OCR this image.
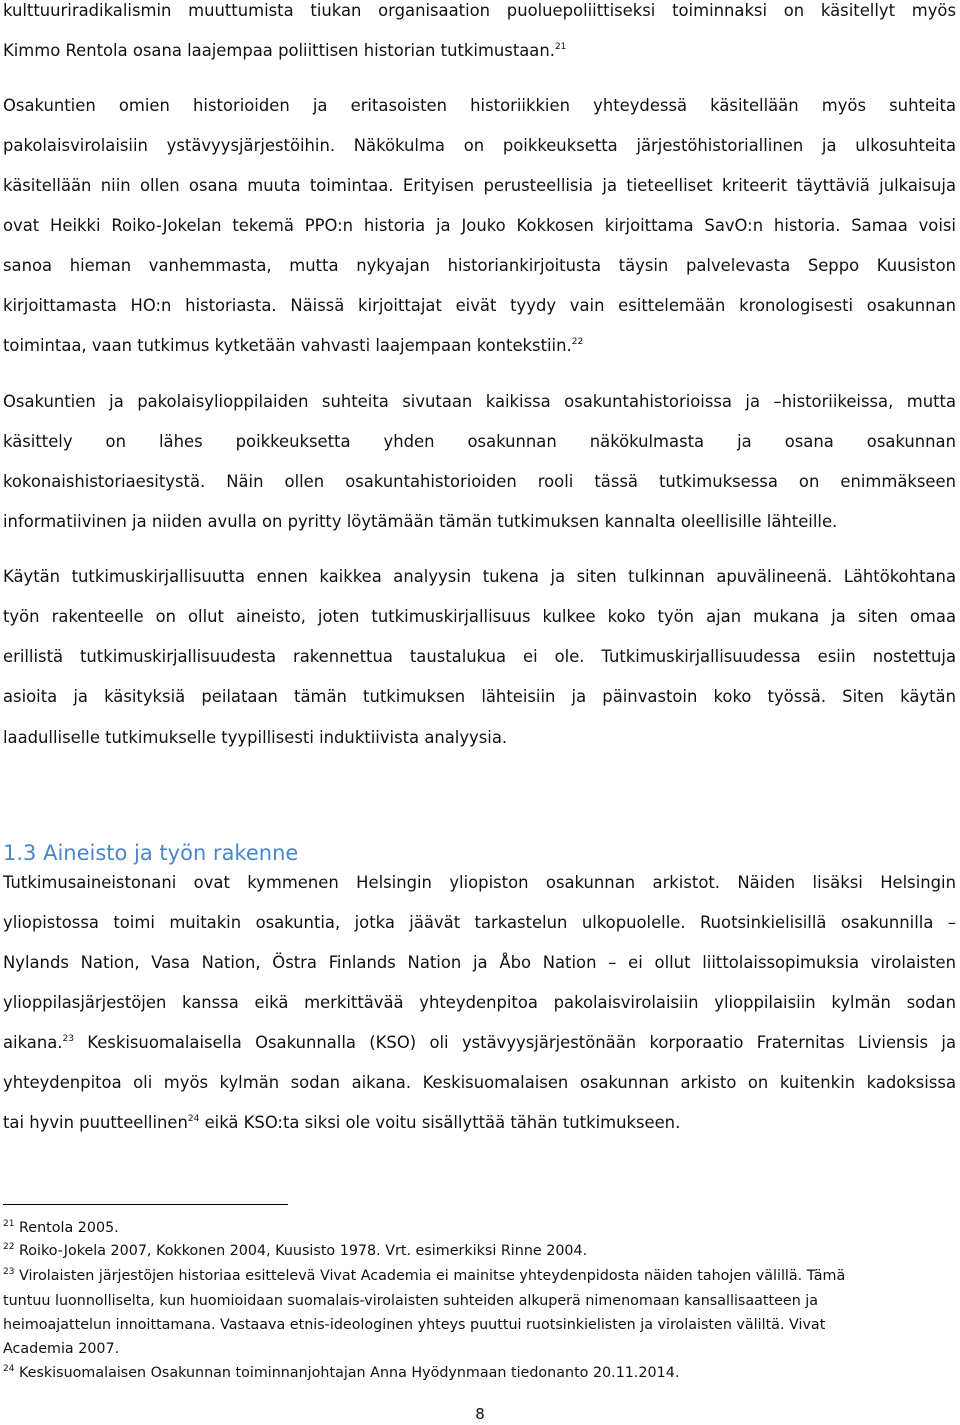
kulttuuriradikalismin muuttumista tiukan organisaation puoluepoliittiseksi toiminnaksi on käsitellyt myös
Kimmo Rentola osana laajempaa poliittisen historian tutkimustaan.$^{21}$
Osakuntien omien historioiden ja eritasoisten historiikkien yhteydessä käsitellään myös suhteita
pakolaisvirolaisiin ystävyysjärjestöihin. Näkökulma on poikkeuksetta järjestöhistoriallinen ja ulkosuhteita
käsitellään niin ollen osana muuta toimintaa. Erityisen perusteellisia ja tieteelliset kriteerit täyttäviä julkaisuja
ovat Heikki Roiko-Jokelan tekemä PPO:n historia ja Jouko Kokkosen kirjoittama SavO:n historia. Samaa voisi
sanoa hieman vanhemmasta, mutta nykyajan historiankirjoitusta täysin palvelevasta Seppo Kuusiston
kirjoittamasta HO:n historiasta. Näissä kirjoittajat eivät tyydy vain esittelemään kronologisesti osakunnan
toimintaa, vaan tutkimus kytketään vahvasti laajempaan kontekstiin.$^{22}$
Osakuntien ja pakolaisylioppilaiden suhteita sivutaan kaikissa osakuntahistorioissa ja –historiikeissa, mutta
käsittely on lähes poikkeuksetta yhden osakunnan näkökulmasta ja osana osakunnan
kokonaishistoriaesitystä. Näin ollen osakuntahistorioiden rooli tässä tutkimuksessa on enimmäkseen
informatiivinen ja niiden avulla on pyritty löytämään tämän tutkimuksen kannalta oleellisille lähteille.
Käytän tutkimuskirjallisuutta ennen kaikkea analyysin tukena ja siten tulkinnan apuvälineenä. Lähtökohtana
työn rakenteelle on ollut aineisto, joten tutkimuskirjallisuus kulkee koko työn ajan mukana ja siten omaa
erillistä tutkimuskirjallisuudesta rakennettua taustalukua ei ole. Tutkimuskirjallisuudessa esiin nostettuja
asioita ja käsityksiä peilataan tämän tutkimuksen lähteisiin ja päinvastoin koko työssä. Siten käytän
laadulliselle tutkimukselle tyypillisesti induktiivista analyysia.
1.3 Aineisto ja työn rakenne
Tutkimusaineistonani ovat kymmenen Helsingin yliopiston osakunnan arkistot. Näiden lisäksi Helsingin
yliopistossa toimi muitakin osakuntia, jotka jäävät tarkastelun ulkopuolelle. Ruotsinkielisillä osakunnilla –
Nylands Nation, Vasa Nation, Östra Finlands Nation ja Åbo Nation – ei ollut liittolaissopimuksia virolaisten
ylioppilasjärjestöjen kanssa eikä merkittävää yhteydenpitoa pakolaisvirolaisiin ylioppilaisiin kylmän sodan
aikana.$^{23}$ Keskisuomalaisella Osakunnalla (KSO) oli ystävyysjärjestönään korporaatio Fraternitas Liviensis ja
yhteydenpitoa oli myös kylmän sodan aikana. Keskisuomalaisen osakunnan arkisto on kuitenkin kadoksissa
tai hyvin puutteellinen$^{24}$ eikä KSO:ta siksi ole voitu sisällyttää tähän tutkimukseen.
$^{21}$ Rentola 2005.
$^{22}$ Roiko-Jokela 2007, Kokkonen 2004, Kuusisto 1978. Vrt. esimerkiksi Rinne 2004.
$^{23}$ Virolaisten järjestöjen historiaa esittelevä Vivat Academia ei mainitse yhteydenpidosta näiden tahojen välillä. Tämä
tuntuu luonnolliselta, kun huomioidaan suomalais-virolaisten suhteiden alkuperä nimenomaan kansallisaatteen ja
heimoajattelun innoittamana. Vastaava etnis-ideologinen yhteys puuttui ruotsinkielisten ja virolaisten väliltä. Vivat
Academia 2007.
$^{24}$ Keskisuomalaisen Osakunnan toiminnanjohtajan Anna Hyödynmaan tiedonanto 20.11.2014.
8
